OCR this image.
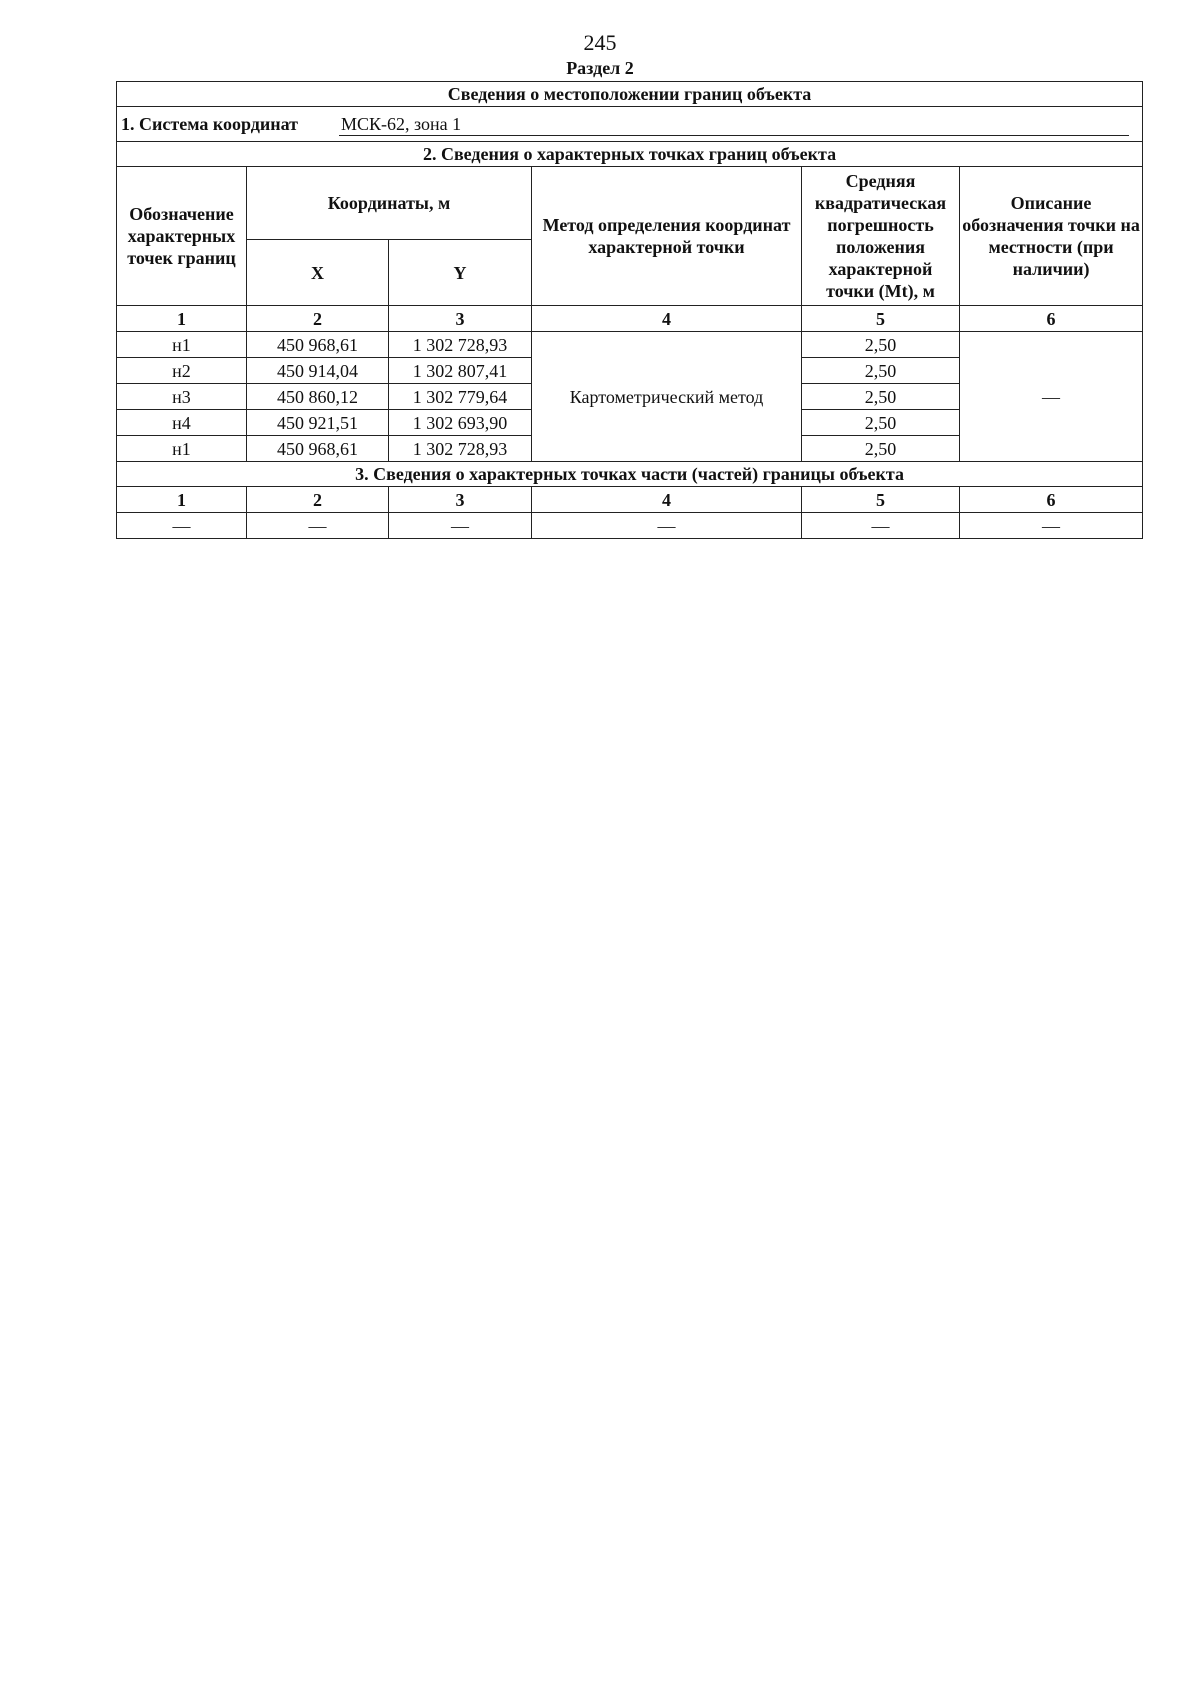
245
Раздел 2
Сведения о местоположении границ объекта					
1. Система координат МСК-62, зона 1					
2. Сведения о характерных точках границ объекта					
Обозначение характерных точек границ	Координаты, м		Метод определения координат характерной точки	Средняя квадратическая погрешность положения характерной точки (Mt), м	Описание обозначения точки на местности (при наличии)
	X	Y			
1	2	3	4	5	6
н1	450 968,61	1 302 728,93	Картометрический метод	2,50	—
н2	450 914,04	1 302 807,41		2,50	
н3	450 860,12	1 302 779,64		2,50	
н4	450 921,51	1 302 693,90		2,50	
н1	450 968,61	1 302 728,93		2,50	
3. Сведения о характерных точках части (частей) границы объекта					
1	2	3	4	5	6
—	—	—	—	—	—
